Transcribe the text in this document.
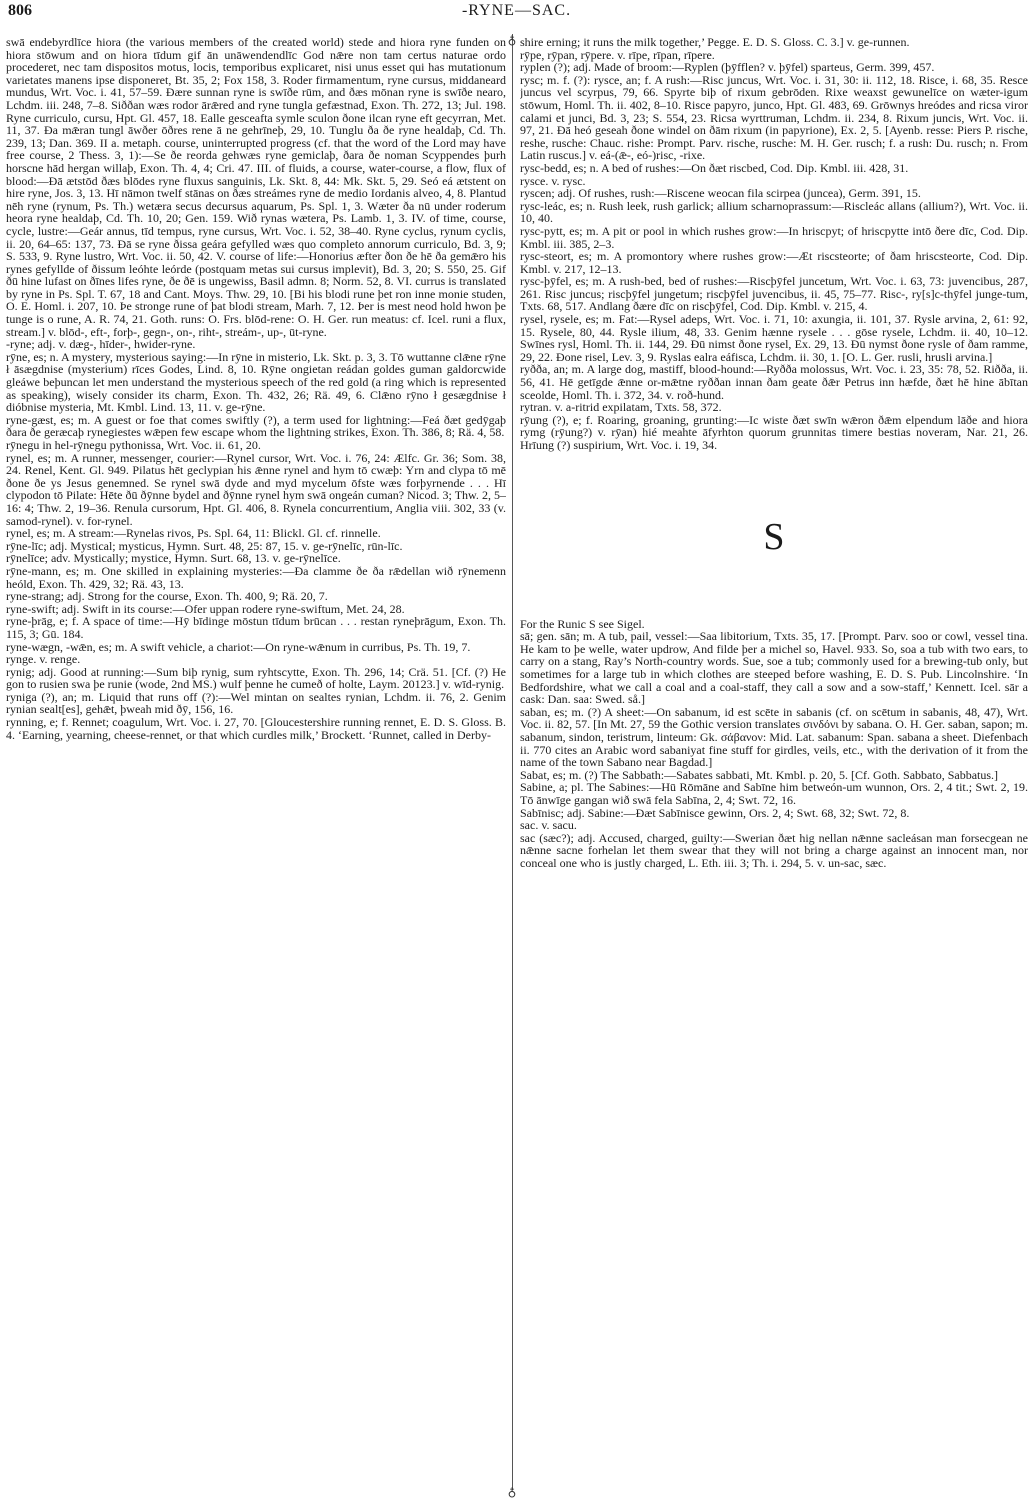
806	-RYNE—SAC.
♁
♁

swā endebyrdlīce hiora (the various members of the created world) stede and hiora ryne funden on hiora stōwum and on hiora tīdum gif ān unāwendendlīc God nǣre non tam certus naturae ordo procederet, nec tam dispositos motus, locis, temporibus explicaret, nisi unus esset qui has mutationum varietates manens ipse disponeret, Bt. 35, 2; Fox 158, 3. Roder firmamentum, ryne cursus, middaneard mundus, Wrt. Voc. i. 41, 57–59. Ðære sunnan ryne is swīðe rūm, and ðæs mōnan ryne is swīðe nearo, Lchdm. iii. 248, 7–8. Siððan wæs rodor ārǣred and ryne tungla gefæstnad, Exon. Th. 272, 13; Jul. 198. Ryne curriculo, cursu, Hpt. Gl. 457, 18. Ealle gesceafta symle sculon ðone ilcan ryne eft gecyrran, Met. 11, 37. Ða mǣran tungl āwðer ōðres rene ā ne gehrīneþ, 29, 10. Tunglu ða ðe ryne healdaþ, Cd. Th. 239, 13; Dan. 369. II a. metaph. course, uninterrupted progress (cf. that the word of the Lord may have free course, 2 Thess. 3, 1):—Se ðe reorda gehwæs ryne gemiclaþ, ðara ðe noman Scyppendes þurh horscne hād hergan willaþ, Exon. Th. 4, 4; Cri. 47. III. of fluids, a course, water-course, a flow, flux of blood:—Ðā ætstōd ðæs blōdes ryne fluxus sanguinis, Lk. Skt. 8, 44: Mk. Skt. 5, 29. Seó eá ætstent on hire ryne, Jos. 3, 13. Hī nāmon twelf stānas on ðæs streámes ryne de medio Iordanis alveo, 4, 8. Plantud nēh ryne (rynum, Ps. Th.) wetæra secus decursus aquarum, Ps. Spl. 1, 3. Wæter ða nū under roderum heora ryne healdaþ, Cd. Th. 10, 20; Gen. 159. Wið rynas wætera, Ps. Lamb. 1, 3. IV. of time, course, cycle, lustre:—Geár annus, tīd tempus, ryne cursus, Wrt. Voc. i. 52, 38–40. Ryne cyclus, rynum cyclis, ii. 20, 64–65: 137, 73. Ðā se ryne ðissa geára gefylled wæs quo completo annorum curriculo, Bd. 3, 9; S. 533, 9. Ryne lustro, Wrt. Voc. ii. 50, 42. V. course of life:—Honorius æfter ðon ðe hē ða gemǣro his rynes gefyllde of ðissum leóhte leórde (postquam metas sui cursus implevit), Bd. 3, 20; S. 550, 25. Gif ðū hine lufast on ðīnes lifes ryne, ðe ðē is ungewiss, Basil admn. 8; Norm. 52, 8. VI. currus is translated by ryne in Ps. Spl. T. 67, 18 and Cant. Moys. Thw. 29, 10. [Bi his blodi rune þet ron inne monie studen, O. E. Homl. i. 207, 10. Þe stronge rune of þat blodi stream, Marh. 7, 12. Þer is mest neod hold hwon þe tunge is o rune, A. R. 74, 21. Goth. runs: O. Frs. blōd-rene: O. H. Ger. run meatus: cf. Icel. runi a flux, stream.] v. blōd-, eft-, forþ-, gegn-, on-, riht-, streám-, up-, ūt-ryne.

-ryne; adj. v. dæg-, hīder-, hwider-ryne.

rȳne, es; n. A mystery, mysterious saying:—In rȳne in misterio, Lk. Skt. p. 3, 3. Tō wuttanne clǣne rȳne ł āsægdnise (mysterium) rīces Godes, Lind. 8, 10. Rȳne ongietan reádan goldes guman galdorcwide gleáwe beþuncan let men understand the mysterious speech of the red gold (a ring which is represented as speaking), wisely consider its charm, Exon. Th. 432, 26; Rä. 49, 6. Clǣno rȳno ł gesægdnise ł dióbnise mysteria, Mt. Kmbl. Lind. 13, 11. v. ge-rȳne.

ryne-gæst, es; m. A guest or foe that comes swiftly (?), a term used for lightning:—Feá ðæt gedȳgaþ ðara ðe geræcaþ rynegiestes wǣpen few escape whom the lightning strikes, Exon. Th. 386, 8; Rä. 4, 58.

rȳnegu in hel-rȳnegu pythonissa, Wrt. Voc. ii. 61, 20.

rynel, es; m. A runner, messenger, courier:—Rynel cursor, Wrt. Voc. i. 76, 24: Ælfc. Gr. 36; Som. 38, 24. Renel, Kent. Gl. 949. Pilatus hēt geclypian his ǣnne rynel and hym tō cwæþ: Yrn and clypa tō mē ðone ðe ys Jesus genemned. Se rynel swā dyde and myd mycelum ōfste wæs forþyrnende . . . Hī clypodon tō Pilate: Hēte ðū ðȳnne bydel and ðȳnne rynel hym swā ongeán cuman? Nicod. 3; Thw. 2, 5–16: 4; Thw. 2, 19–36. Renula cursorum, Hpt. Gl. 406, 8. Rynela concurrentium, Anglia viii. 302, 33 (v. samod-rynel). v. for-rynel.

rynel, es; m. A stream:—Rynelas rivos, Ps. Spl. 64, 11: Blickl. Gl. cf. rinnelle.

rȳne-līc; adj. Mystical; mysticus, Hymn. Surt. 48, 25: 87, 15. v. ge-rȳnelīc, rūn-līc.

rȳnelīce; adv. Mystically; mystice, Hymn. Surt. 68, 13. v. ge-rȳnelīce.

rȳne-mann, es; m. One skilled in explaining mysteries:—Ða clamme ðe ða rǣdellan wið rȳnemenn heóld, Exon. Th. 429, 32; Rä. 43, 13.

ryne-strang; adj. Strong for the course, Exon. Th. 400, 9; Rä. 20, 7.

ryne-swift; adj. Swift in its course:—Ofer uppan rodere ryne-swiftum, Met. 24, 28.

ryne-þrāg, e; f. A space of time:—Hȳ bīdinge mōstun tīdum brūcan . . . restan ryneþrāgum, Exon. Th. 115, 3; Gū. 184.

ryne-wægn, -wǣn, es; m. A swift vehicle, a chariot:—On ryne-wǣnum in curribus, Ps. Th. 19, 7.

rynge. v. renge.

rynig; adj. Good at running:—Sum biþ rynig, sum ryhtscytte, Exon. Th. 296, 14; Crä. 51. [Cf. (?) He gon to rusien swa þe runie (wode, 2nd MS.) wulf þenne he cumeð of holte, Laym. 20123.] v. wīd-rynig.

ryniga (?), an; m. Liquid that runs off (?):—Wel mintan on sealtes rynian, Lchdm. ii. 76, 2. Genim rynian sealt[es], gehǣt, þweah mid ðȳ, 156, 16.

rynning, e; f. Rennet; coagulum, Wrt. Voc. i. 27, 70. [Gloucestershire running rennet, E. D. S. Gloss. B. 4. ‘Earning, yearning, cheese-rennet, or that which curdles milk,’ Brockett. ‘Runnet, called in Derby-

shire erning; it runs the milk together,’ Pegge. E. D. S. Gloss. C. 3.] v. ge-runnen.

rȳpe, rȳpan, rȳpere. v. rīpe, rīpan, rīpere.

ryplen (?); adj. Made of broom:—Ryplen (þȳfflen? v. þȳfel) sparteus, Germ. 399, 457.

rysc; m. f. (?): rysce, an; f. A rush:—Risc juncus, Wrt. Voc. i. 31, 30: ii. 112, 18. Risce, i. 68, 35. Resce juncus vel scyrpus, 79, 66. Spyrte biþ of rixum gebrōden. Rixe weaxst gewunelīce on wæter-igum stōwum, Homl. Th. ii. 402, 8–10. Risce papyro, junco, Hpt. Gl. 483, 69. Grōwnys hreódes and ricsa viror calami et junci, Bd. 3, 23; S. 554, 23. Ricsa wyrttruman, Lchdm. ii. 234, 8. Rixum juncis, Wrt. Voc. ii. 97, 21. Ðā heó geseah ðone windel on ðām rixum (in papyrione), Ex. 2, 5. [Ayenb. resse: Piers P. rische, reshe, rusche: Chauc. rishe: Prompt. Parv. rische, rusche: M. H. Ger. rusch; f. a rush: Du. rusch; n. From Latin ruscus.] v. eá-(ǣ-, eó-)risc, -rixe.

rysc-bedd, es; n. A bed of rushes:—On ðæt riscbed, Cod. Dip. Kmbl. iii. 428, 31.

rysce. v. rysc.

ryscen; adj. Of rushes, rush:—Riscene weocan fila scirpea (juncea), Germ. 391, 15.

rysc-leác, es; n. Rush leek, rush garlick; allium scharnoprassum:—Riscleác allans (allium?), Wrt. Voc. ii. 10, 40.

rysc-pytt, es; m. A pit or pool in which rushes grow:—In hriscpyt; of hriscpytte intō ðere dīc, Cod. Dip. Kmbl. iii. 385, 2–3.

rysc-steort, es; m. A promontory where rushes grow:—Æt riscsteorte; of ðam hriscsteorte, Cod. Dip. Kmbl. v. 217, 12–13.

rysc-þȳfel, es; m. A rush-bed, bed of rushes:—Riscþȳfel juncetum, Wrt. Voc. i. 63, 73: juvencibus, 287, 261. Risc juncus; riscþȳfel jungetum; riscþȳfel juvencibus, ii. 45, 75–77. Risc-, ry[s]c-thȳfel junge-tum, Txts. 68, 517. Andlang ðære dīc on riscþȳfel, Cod. Dip. Kmbl. v. 215, 4.

rysel, rysele, es; m. Fat:—Rysel adeps, Wrt. Voc. i. 71, 10: axungia, ii. 101, 37. Rysle arvina, 2, 61: 92, 15. Rysele, 80, 44. Rysle ilium, 48, 33. Genim hænne rysele . . . gōse rysele, Lchdm. ii. 40, 10–12. Swīnes rysl, Homl. Th. ii. 144, 29. Ðū nimst ðone rysel, Ex. 29, 13. Ðū nymst ðone rysle of ðam ramme, 29, 22. Ðone risel, Lev. 3, 9. Ryslas ealra eáfisca, Lchdm. ii. 30, 1. [O. L. Ger. rusli, hrusli arvina.]

ryðða, an; m. A large dog, mastiff, blood-hound:—Ryðða molossus, Wrt. Voc. i. 23, 35: 78, 52. Riðða, ii. 56, 41. Hē getīgde ǣnne or-mǣtne ryððan innan ðam geate ðǣr Petrus inn hæfde, ðæt hē hine ābītan sceolde, Homl. Th. i. 372, 34. v. roð-hund.

rytran. v. a-ritrid expilatam, Txts. 58, 372.

rȳung (?), e; f. Roaring, groaning, grunting:—Ic wiste ðæt swīn wǣron ðǣm elpendum lāðe and hiora rymg (rȳung?) v. rȳan) hié meahte āfyrhton quorum grunnitas timere bestias noveram, Nar. 21, 26. Hrīung (?) suspirium, Wrt. Voc. i. 19, 34.

S

For the Runic S see Sigel.

sā; gen. sān; m. A tub, pail, vessel:—Saa libitorium, Txts. 35, 17. [Prompt. Parv. soo or cowl, vessel tina. He kam to þe welle, water updrow, And filde þer a michel so, Havel. 933. So, soa a tub with two ears, to carry on a stang, Ray’s North-country words. Sue, soe a tub; commonly used for a brewing-tub only, but sometimes for a large tub in which clothes are steeped before washing, E. D. S. Pub. Lincolnshire. ‘In Bedfordshire, what we call a coal and a coal-staff, they call a sow and a sow-staff,’ Kennett. Icel. sār a cask: Dan. saa: Swed. så.]

saban, es; m. (?) A sheet:—On sabanum, id est scēte in sabanis (cf. on scētum in sabanis, 48, 47), Wrt. Voc. ii. 82, 57. [In Mt. 27, 59 the Gothic version translates σινδόνι by sabana. O. H. Ger. saban, sapon; m. sabanum, sindon, teristrum, linteum: Gk. σάβανον: Mid. Lat. sabanum: Span. sabana a sheet. Diefenbach ii. 770 cites an Arabic word sabaniyat fine stuff for girdles, veils, etc., with the derivation of it from the name of the town Sabano near Bagdad.]

Sabat, es; m. (?) The Sabbath:—Sabates sabbati, Mt. Kmbl. p. 20, 5. [Cf. Goth. Sabbato, Sabbatus.]

Sabine, a; pl. The Sabines:—Hū Rōmāne and Sabīne him betweón-um wunnon, Ors. 2, 4 tit.; Swt. 2, 19. Tō ānwīge gangan wið swā fela Sabīna, 2, 4; Swt. 72, 16.

Sabīnisc; adj. Sabine:—Ðæt Sabīnisce gewinn, Ors. 2, 4; Swt. 68, 32; Swt. 72, 8.

sac. v. sacu.

sac (sæc?); adj. Accused, charged, guilty:—Swerian ðæt hig nellan nǣnne sacleásan man forsecgean ne nǣnne sacne forhelan let them swear that they will not bring a charge against an innocent man, nor conceal one who is justly charged, L. Eth. iii. 3; Th. i. 294, 5. v. un-sac, sæc.
